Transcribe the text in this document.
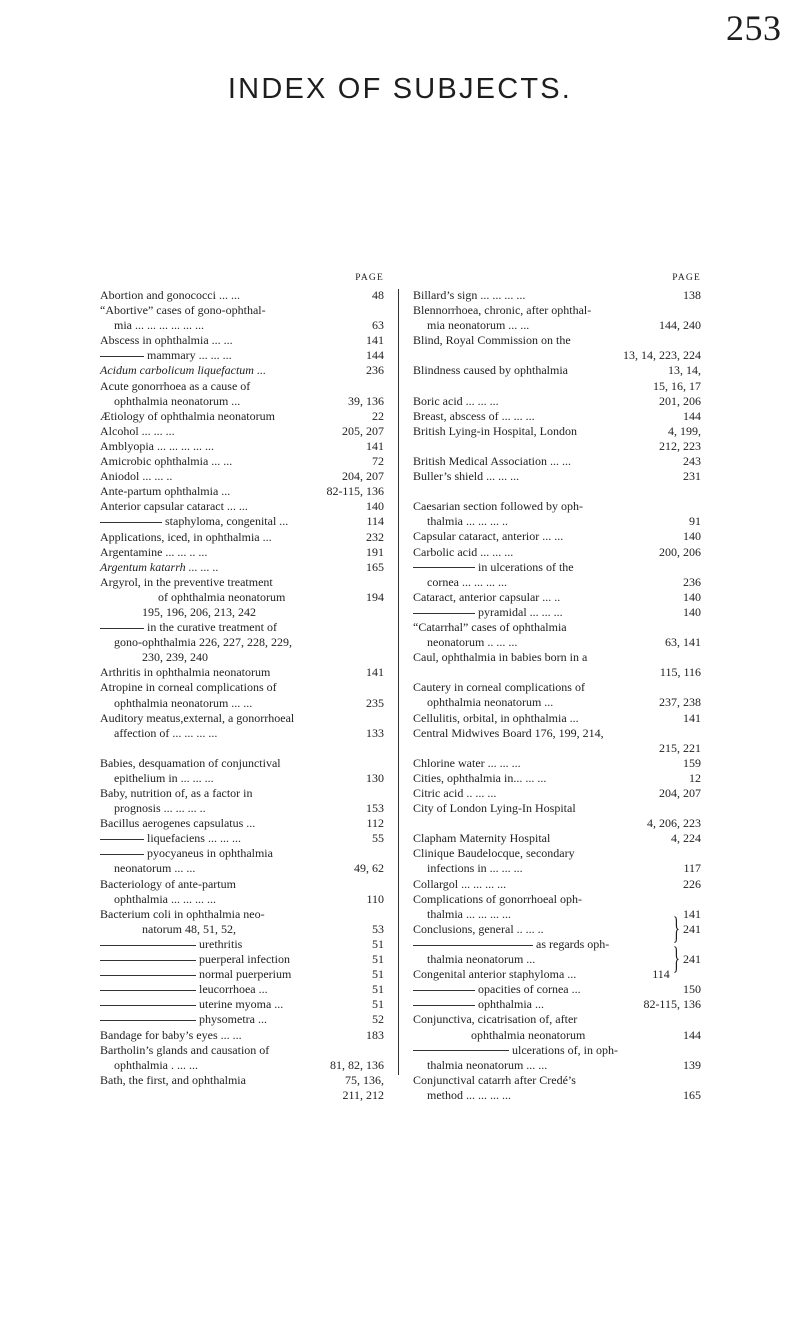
253
INDEX OF SUBJECTS.
PAGE
48
Abortion and gonococci ... ...
“Abortive” cases of gono-ophthal-
63
mia ... ... ... ... ... ...
141
Abscess in ophthalmia ... ...
144
mammary ... ... ...
236
Acidum carbolicum liquefactum ...
Acute gonorrhoea as a cause of
39, 136
ophthalmia neonatorum ...
22
Ætiology of ophthalmia neonatorum
205, 207
Alcohol ... ... ...
141
Amblyopia ... ... ... ... ...
72
Amicrobic ophthalmia ... ...
204, 207
Aniodol ... ... ..
82-115, 136
Ante-partum ophthalmia ...
140
Anterior capsular cataract ... ...
114
staphyloma, congenital ...
232
Applications, iced, in ophthalmia ...
191
Argentamine ... ... .. ...
165
Argentum katarrh ... ... ..
Argyrol, in the preventive treatment
194
of ophthalmia neonatorum
195, 196, 206, 213, 242
in the curative treatment of
gono-ophthalmia 226, 227, 228, 229,
230, 239, 240
141
Arthritis in ophthalmia neonatorum
Atropine in corneal complications of
235
ophthalmia neonatorum ... ...
Auditory meatus,external, a gonorrhoeal
133
affection of ... ... ... ...
Babies, desquamation of conjunctival
130
epithelium in ... ... ...
Baby, nutrition of, as a factor in
153
prognosis ... ... ... ..
112
Bacillus aerogenes capsulatus ...
55
liquefaciens ... ... ...
pyocyaneus in ophthalmia
49, 62
neonatorum ... ...
Bacteriology of ante-partum
110
ophthalmia ... ... ... ...
Bacterium coli in ophthalmia neo-
53
natorum 48, 51, 52,
51
urethritis
51
puerperal infection
51
normal puerperium
51
leucorrhoea ...
51
uterine myoma ...
52
physometra ...
183
Bandage for baby’s eyes ... ...
Bartholin’s glands and causation of
81, 82, 136
ophthalmia . ... ...
75, 136,
Bath, the first, and ophthalmia
211, 212
PAGE
138
Billard’s sign ... ... ... ...
Blennorrhoea, chronic, after ophthal-
144, 240
mia neonatorum ... ...
Blind, Royal Commission on the
13, 14, 223, 224
13, 14,
Blindness caused by ophthalmia
15, 16, 17
201, 206
Boric acid ... ... ...
144
Breast, abscess of ... ... ...
4, 199,
British Lying-in Hospital, London
212, 223
243
British Medical Association ... ...
231
Buller’s shield ... ... ...
Caesarian section followed by oph-
91
thalmia ... ... ... ..
140
Capsular cataract, anterior ... ...
200, 206
Carbolic acid ... ... ...
in ulcerations of the
236
cornea ... ... ... ...
140
Cataract, anterior capsular ... ..
140
pyramidal ... ... ...
“Catarrhal” cases of ophthalmia
63, 141
neonatorum .. ... ...
Caul, ophthalmia in babies born in a
115, 116
Cautery in corneal complications of
237, 238
ophthalmia neonatorum ...
141
Cellulitis, orbital, in ophthalmia ...
Central Midwives Board 176, 199, 214,
215, 221
159
Chlorine water ... ... ...
12
Cities, ophthalmia in... ... ...
204, 207
Citric acid .. ... ...
City of London Lying-In Hospital
4, 206, 223
4, 224
Clapham Maternity Hospital
Clinique Baudelocque, secondary
117
infections in ... ... ...
226
Collargol ... ... ... ...
Complications of gonorrhoeal oph-
141
thalmia ... ... ... ...	} 241
Conclusions, general .. ... ..
as regards oph-	} 241
thalmia neonatorum ...
114
Congenital anterior staphyloma ...
150
opacities of cornea ...
82-115, 136
ophthalmia ...
Conjunctiva, cicatrisation of, after
144
ophthalmia neonatorum
ulcerations of, in oph-
139
thalmia neonatorum ... ...
Conjunctival catarrh after Credé’s
165
method ... ... ... ...
